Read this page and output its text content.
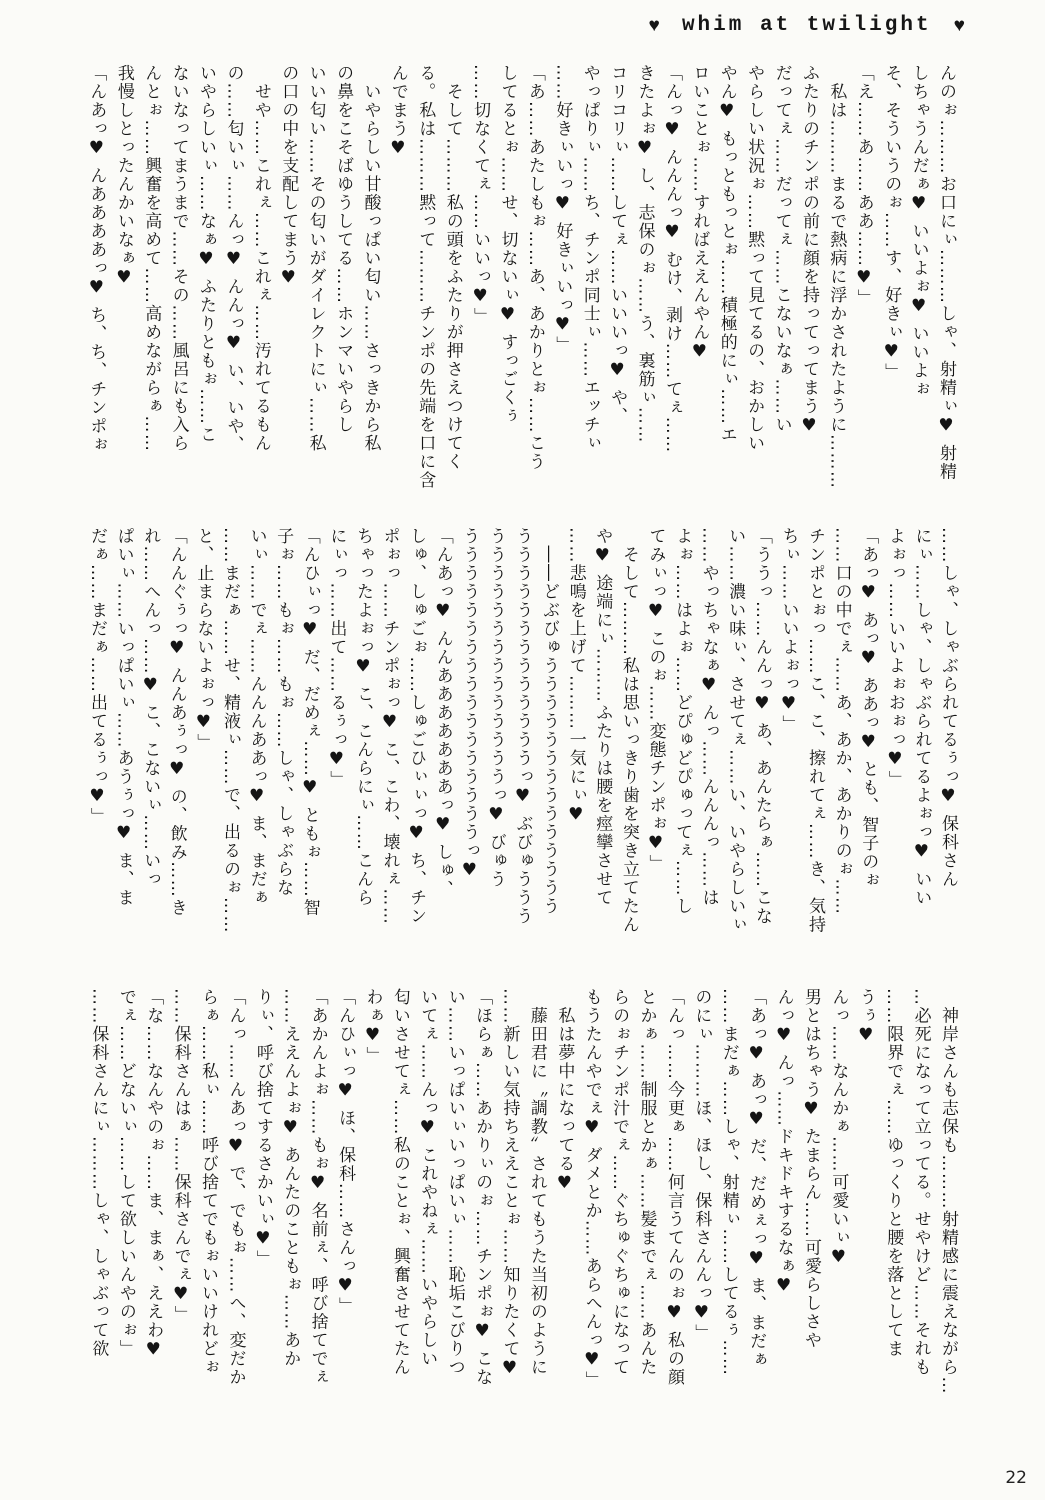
♥ whim at twilight ♥
んのぉ………お口にぃ………しゃ、射精ぃ♥ 射精
しちゃうんだぁ♥ いいよぉ♥ いいよぉ
そ、そういうのぉ……す、好きぃ♥」
「え……あ……ああ……♥」
　私は………まるで熱病に浮かされたように………
ふたりのチンポの前に顔を持ってってまう♥
だってぇ……だってぇ……こないなぁ……い
やらしい状況ぉ……黙って見てるの、おかしい
やん♥ もっともっとぉ……積極的にぃ……エ
ロいことぉ……すればええんやん♥
「んっ♥ んんんっ♥ むけ、剥け……てぇ……
きたよぉ♥ し、志保のぉ……う、裏筋ぃ……
コリコリぃ……してぇ……いいいっ♥ や、
やっぱりぃ……ち、チンポ同士ぃ……エッチぃ
……好きぃいっ♥ 好きぃいっ♥」
「あ……あたしもぉ……あ、あかりとぉ……こう
してるとぉ……せ、切ないぃ♥ すっごくぅ
……切なくてぇ……いいっ♥」
　そして………私の頭をふたりが押さえつけてく
る。私は………黙って………チンポの先端を口に含
んでまう♥
　いやらしい甘酸っぱい匂い……さっきから私
の鼻をこそばゆうしてる……ホンマいやらし
いい匂い……その匂いがダイレクトにぃ……私
の口の中を支配してまう♥
　せや……これぇ……これぇ……汚れてるもん
の……匂いぃ……んっ♥ んんっ♥ い、いや、
いやらしいぃ……なぁ♥ ふたりともぉ……こ
ないなってまうまで……その……風呂にも入ら
んとぉ……興奮を高めて……高めながらぁ……
我慢しとったんかいなぁ♥
「んあっ♥ んああああっ♥ ち、ち、チンポぉ
……しゃ、しゃぶられてるぅっ♥ 保科さん
にぃ……しゃ、しゃぶられてるよぉっ♥ いい
よぉっ……いいよぉおぉっ♥」
「あっ♥ あっ♥ ああっ♥ とも、智子のぉ
……口の中でぇ……あ、あか、あかりのぉ……
チンポとぉっ……こ、こ、擦れてぇ……き、気持
ちぃ……いいよぉっ♥」
「ううっ……んんっ♥ あ、あんたらぁ……こな
い……濃い味ぃ、させてぇ……い、いやらしいぃ
……やっちゃなぁ♥ んっ……んんんっ……は
よぉ……はよぉ……どぴゅどぴゅってぇ……し
てみぃっ♥ このぉ……変態チンポぉ♥」
　そして………私は思いっきり歯を突き立てたん
や♥ 途端にぃ………ふたりは腰を痙攣させて
……悲鳴を上げて………一気にぃ♥
　――どぶびゅうううううううううううううう
うううううううううううううっ♥ ぶびゅううう
ううううううううううううううっ♥ びゅう
うううううううううううううううううっ♥
「んあっ♥ んんあああああああっ♥ しゅ、
しゅ、しゅごぉ……しゅごひぃぃっ♥ ち、チン
ポぉっ……チンポぉっ♥ こ、こわ、壊れぇ……
ちゃったよぉっ♥ こ、こんらにぃ……こんら
にぃっ……出て……るぅっ♥」
「んひぃっ♥ だ、だめぇ……♥ ともぉ……智
子ぉ……もぉ……もぉ……しゃ、しゃぶらな
いぃ……でぇ……んんんああっ♥ ま、まだぁ
……まだぁ……せ、精液ぃ……で、出るのぉ……
と、止まらないよぉっ♥」
「んんぐぅっ♥ んんあぅっ♥ の、飲み……き
れ……へんっ……♥ こ、こないぃ……いっ
ぱいぃ……いっぱいぃ……あうぅっ♥ ま、ま
だぁ……まだぁ……出てるぅっ♥」
　神岸さんも志保も………射精感に震えながら…
…必死になって立ってる。せやけど……それも
……限界でぇ……ゆっくりと腰を落としてま
うぅ♥
んっ……なんかぁ……可愛いぃ♥
男とはちゃう♥ たまらん……可愛らしさや
んっ♥ んっ……ドキドキするなぁ♥
「あっ♥ あっ♥ だ、だめぇっ♥ ま、まだぁ
……まだぁ……しゃ、射精ぃ……してるぅ……
のにぃ………ほ、ほし、保科さんんっ♥」
「んっ……今更ぁ……何言うてんのぉ♥ 私の顔
とかぁ……制服とかぁ……髪までぇ……あんた
らのぉチンポ汁でぇ……ぐちゅぐちゅになって
もうたんやでぇ♥ ダメとか……あらへんっ♥」
　私は夢中になってる♥
　藤田君に〝調教〟されてもうた当初のように
……新しい気持ちええことぉ……知りたくて♥
「ほらぁ……あかりぃのぉ……チンポぉ♥ こな
い……いっぱいぃいっぱいぃ……恥垢こびりつ
いてぇ……んっ♥ これやねぇ……いやらしい
匂いさせてぇ……私のことぉ、興奮させてたん
わぁ♥」
「んひぃっ♥ ほ、保科……さんっ♥」
「あかんよぉ……もぉ♥ 名前ぇ、呼び捨てでぇ
……ええんよぉ♥ あんたのこともぉ……あか
りぃ、呼び捨てするさかいぃ♥」
「んっ……んあっ♥ で、でもぉ……へ、変だか
らぁ……私ぃ……呼び捨てでもぉいいけれどぉ
……保科さんはぁ……保科さんでぇ♥」
「な……なんやのぉ……ま、まぁ、ええわ♥
でぇ……どないぃ……して欲しいんやのぉ」
……保科さんにぃ………しゃ、しゃぶって欲
22
